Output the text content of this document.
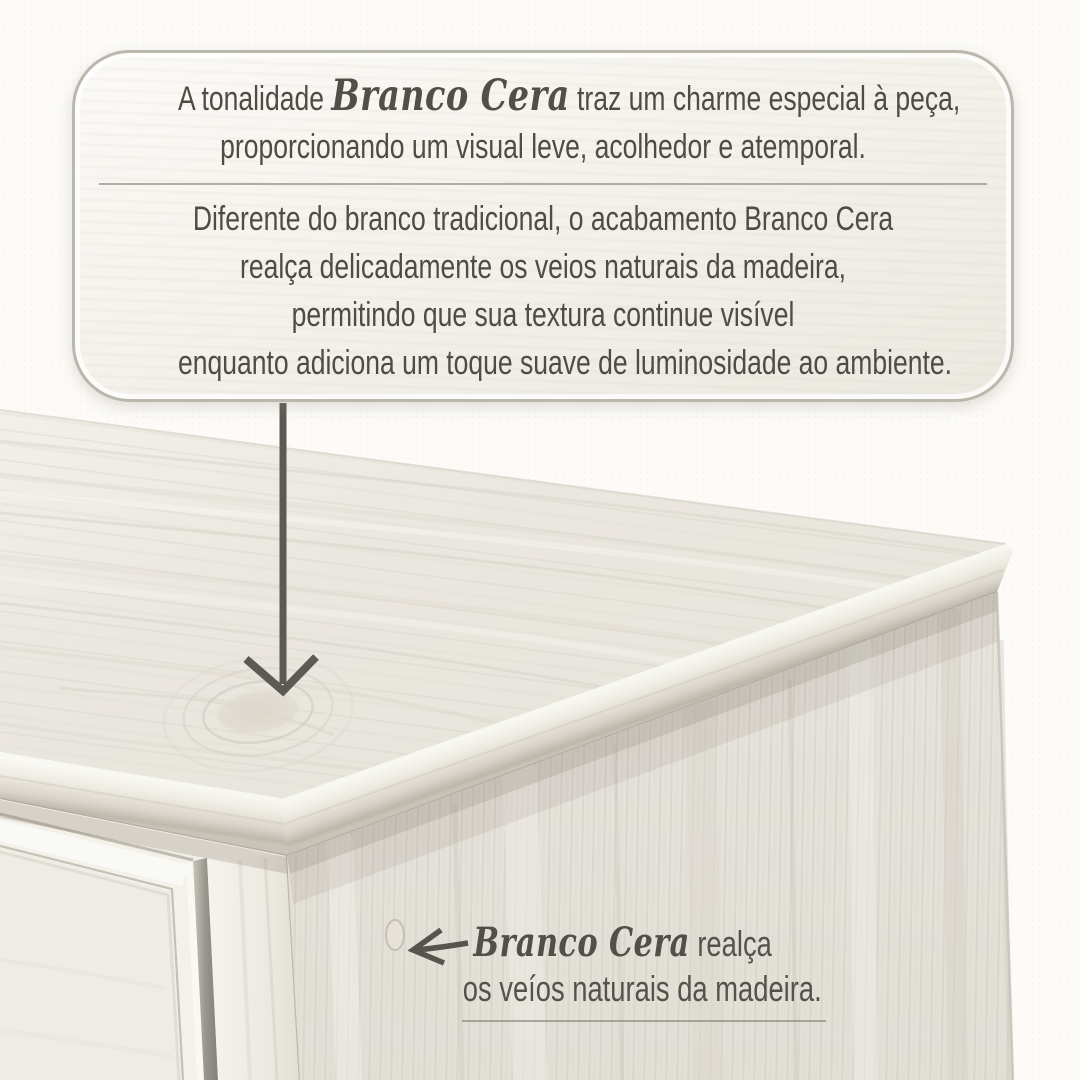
A tonalidade Branco Cera traz um charme especial à peça,
proporcionando um visual leve, acolhedor e atemporal.
Diferente do branco tradicional, o acabamento Branco Cera
realça delicadamente os veios naturais da madeira,
permitindo que sua textura continue visível
enquanto adiciona um toque suave de luminosidade ao ambiente.
Branco Cera realça
os veíos naturais da madeira.
